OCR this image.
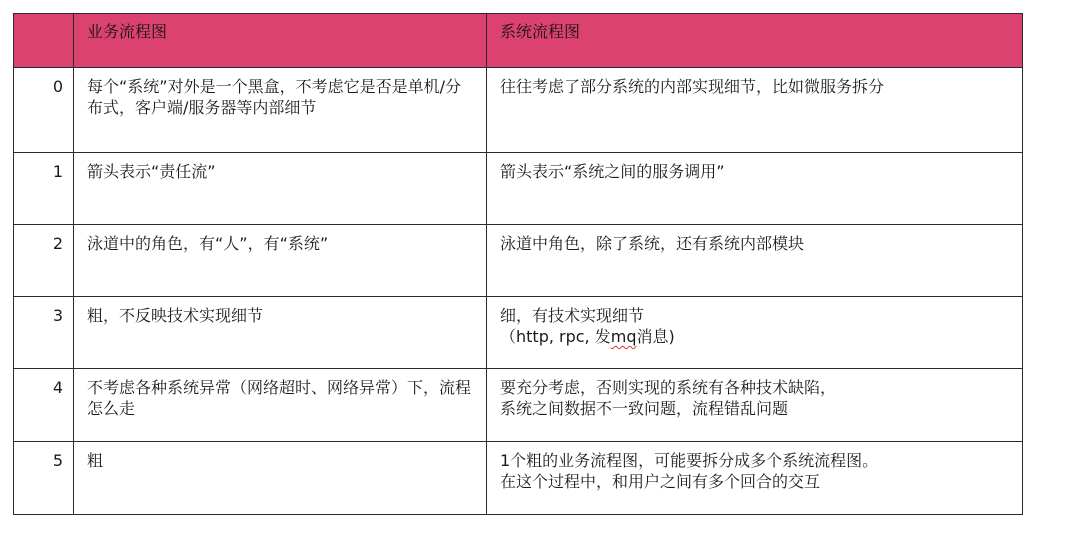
	业务流程图	系统流程图
0	每个“系统”对外是一个黑盒，不考虑它是否是单机/分布式，客户端/服务器等内部细节	往往考虑了部分系统的内部实现细节，比如微服务拆分

1	箭头表示“责任流”	箭头表示“系统之间的服务调用”

2	泳道中的角色，有“人”，有“系统”	泳道中角色，除了系统，还有系统内部模块

3	粗，不反映技术实现细节	细，有技术实现细节
（http, rpc, 发mq消息)

4	不考虑各种系统异常（网络超时、网络异常）下，流程怎么走	要充分考虑，否则实现的系统有各种技术缺陷，
系统之间数据不一致问题，流程错乱问题

5	粗	1个粗的业务流程图，可能要拆分成多个系统流程图。
在这个过程中，和用户之间有多个回合的交互
